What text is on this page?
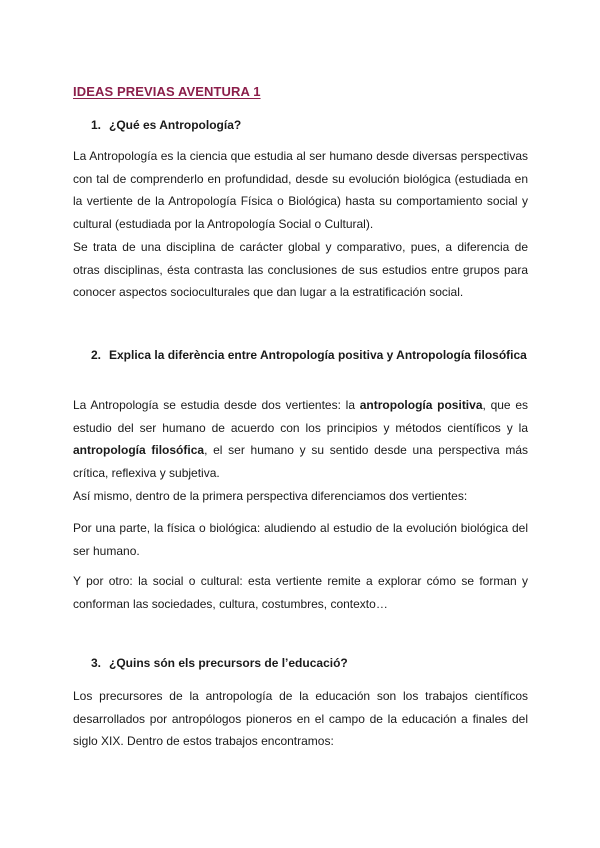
IDEAS PREVIAS AVENTURA 1
1. ¿Qué es Antropología?

La Antropología es la ciencia que estudia al ser humano desde diversas perspectivas con tal de comprenderlo en profundidad, desde su evolución biológica (estudiada en la vertiente de la Antropología Física o Biológica) hasta su comportamiento social y cultural (estudiada por la Antropología Social o Cultural).

Se trata de una disciplina de carácter global y comparativo, pues, a diferencia de otras disciplinas, ésta contrasta las conclusiones de sus estudios entre grupos para conocer aspectos socioculturales que dan lugar a la estratificación social.

2. Explica la diferència entre Antropología positiva y Antropología filosófica

La Antropología se estudia desde dos vertientes: la antropología positiva, que es estudio del ser humano de acuerdo con los principios y métodos científicos y la antropología filosófica, el ser humano y su sentido desde una perspectiva más crítica, reflexiva y subjetiva.

Así mismo, dentro de la primera perspectiva diferenciamos dos vertientes:

Por una parte, la física o biológica: aludiendo al estudio de la evolución biológica del ser humano.

Y por otro: la social o cultural: esta vertiente remite a explorar cómo se forman y conforman las sociedades, cultura, costumbres, contexto…

3. ¿Quins són els precursors de l’educació?

Los precursores de la antropología de la educación son los trabajos científicos desarrollados por antropólogos pioneros en el campo de la educación a finales del siglo XIX. Dentro de estos trabajos encontramos:
